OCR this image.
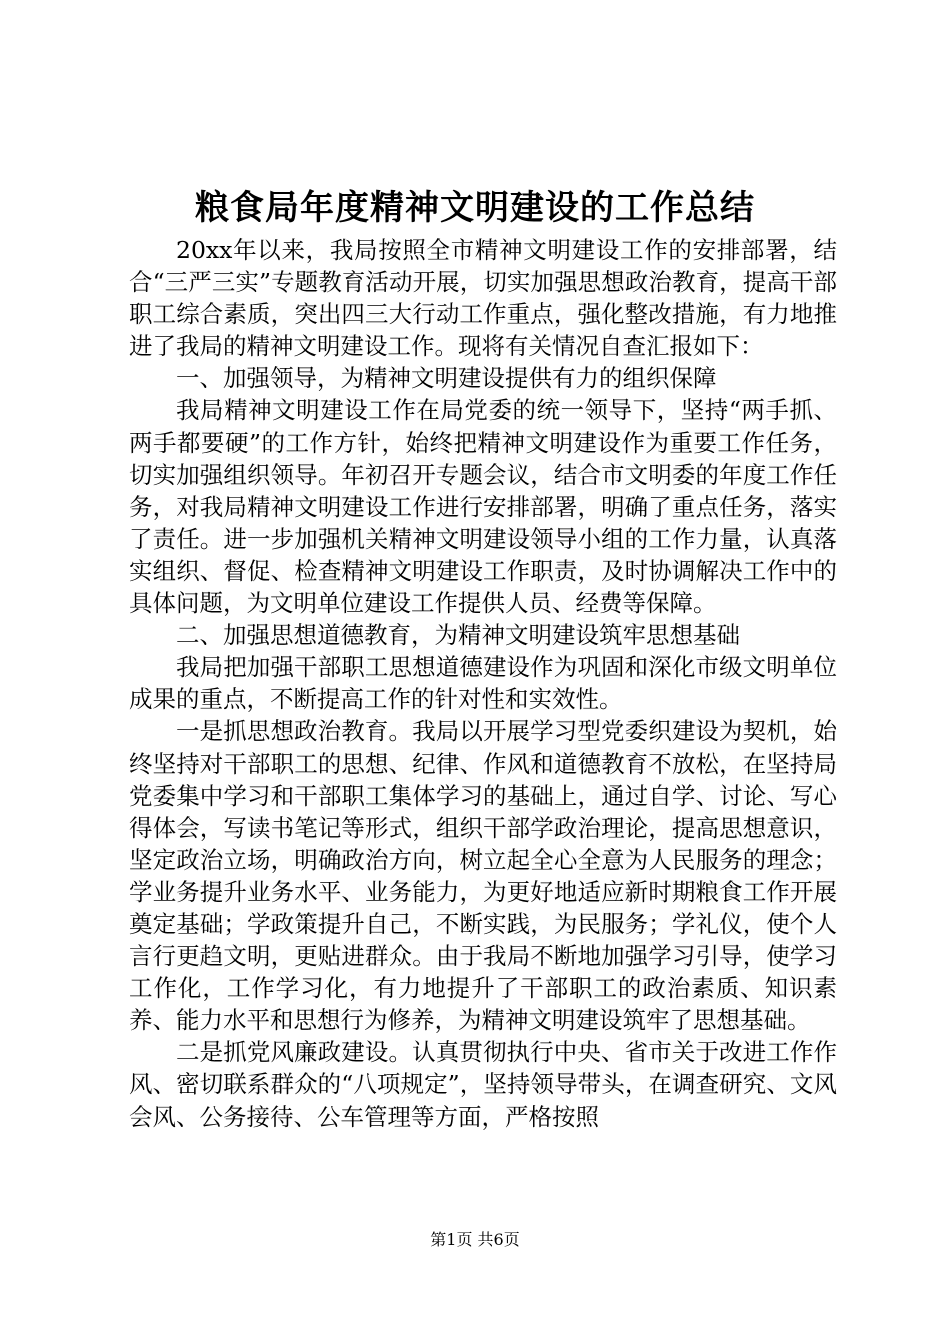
粮食局年度精神文明建设的工作总结

20xx年以来，我局按照全市精神文明建设工作的安排部署，结合“三严三实”专题教育活动开展，切实加强思想政治教育，提高干部职工综合素质，突出四三大行动工作重点，强化整改措施，有力地推进了我局的精神文明建设工作。现将有关情况自查汇报如下：

一、加强领导，为精神文明建设提供有力的组织保障

我局精神文明建设工作在局党委的统一领导下，坚持“两手抓、两手都要硬”的工作方针，始终把精神文明建设作为重要工作任务，切实加强组织领导。年初召开专题会议，结合市文明委的年度工作任务，对我局精神文明建设工作进行安排部署，明确了重点任务，落实了责任。进一步加强机关精神文明建设领导小组的工作力量，认真落实组织、督促、检查精神文明建设工作职责，及时协调解决工作中的具体问题，为文明单位建设工作提供人员、经费等保障。

二、加强思想道德教育，为精神文明建设筑牢思想基础

我局把加强干部职工思想道德建设作为巩固和深化市级文明单位成果的重点，不断提高工作的针对性和实效性。

一是抓思想政治教育。我局以开展学习型党委织建设为契机，始终坚持对干部职工的思想、纪律、作风和道德教育不放松，在坚持局党委集中学习和干部职工集体学习的基础上，通过自学、讨论、写心得体会，写读书笔记等形式，组织干部学政治理论，提高思想意识，坚定政治立场，明确政治方向，树立起全心全意为人民服务的理念；学业务提升业务水平、业务能力，为更好地适应新时期粮食工作开展奠定基础；学政策提升自己，不断实践，为民服务；学礼仪，使个人言行更趋文明，更贴进群众。由于我局不断地加强学习引导，使学习工作化，工作学习化，有力地提升了干部职工的政治素质、知识素养、能力水平和思想行为修养，为精神文明建设筑牢了思想基础。

二是抓党风廉政建设。认真贯彻执行中央、省市关于改进工作作风、密切联系群众的“八项规定”，坚持领导带头，在调查研究、文风会风、公务接待、公车管理等方面，严格按照

第1页 共6页
